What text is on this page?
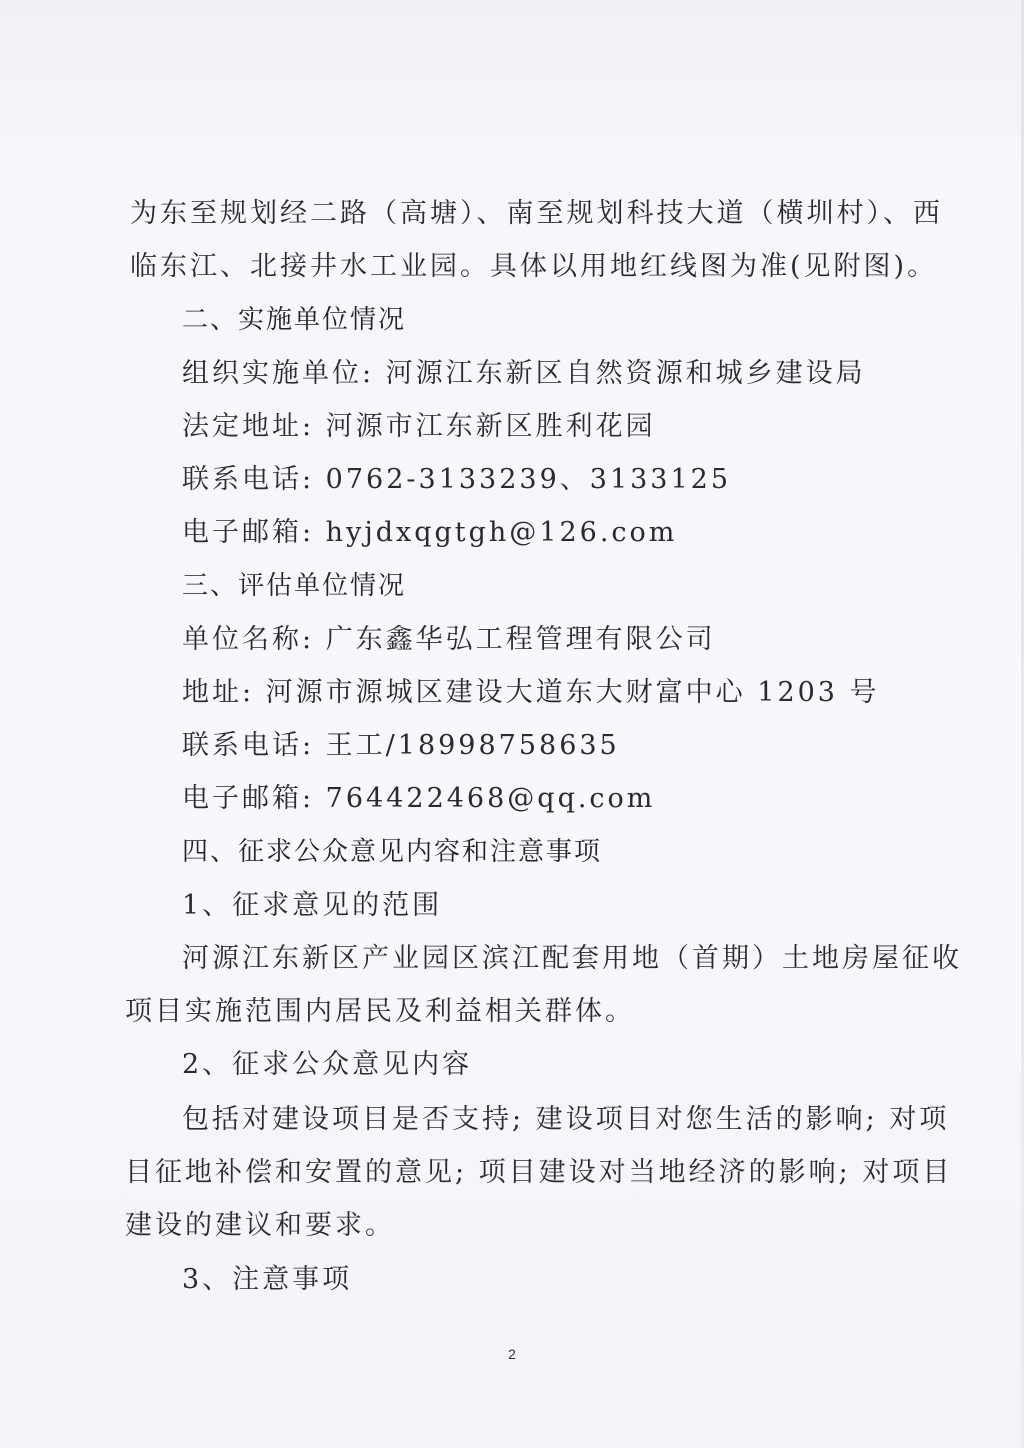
为东至规划经二路（高塘）、南至规划科技大道（横圳村）、西
临东江、北接井水工业园。具体以用地红线图为准(见附图)。
二、实施单位情况
组织实施单位: 河源江东新区自然资源和城乡建设局
法定地址: 河源市江东新区胜利花园
联系电话: 0762-3133239、3133125
电子邮箱: hyjdxqgtgh@126.com
三、评估单位情况
单位名称: 广东鑫华弘工程管理有限公司
地址: 河源市源城区建设大道东大财富中心 1203 号
联系电话: 王工/18998758635
电子邮箱: 764422468@qq.com
四、征求公众意见内容和注意事项
1、征求意见的范围
河源江东新区产业园区滨江配套用地（首期）土地房屋征收
项目实施范围内居民及利益相关群体。
2、征求公众意见内容
包括对建设项目是否支持; 建设项目对您生活的影响; 对项
目征地补偿和安置的意见; 项目建设对当地经济的影响; 对项目
建设的建议和要求。
3、注意事项
2
